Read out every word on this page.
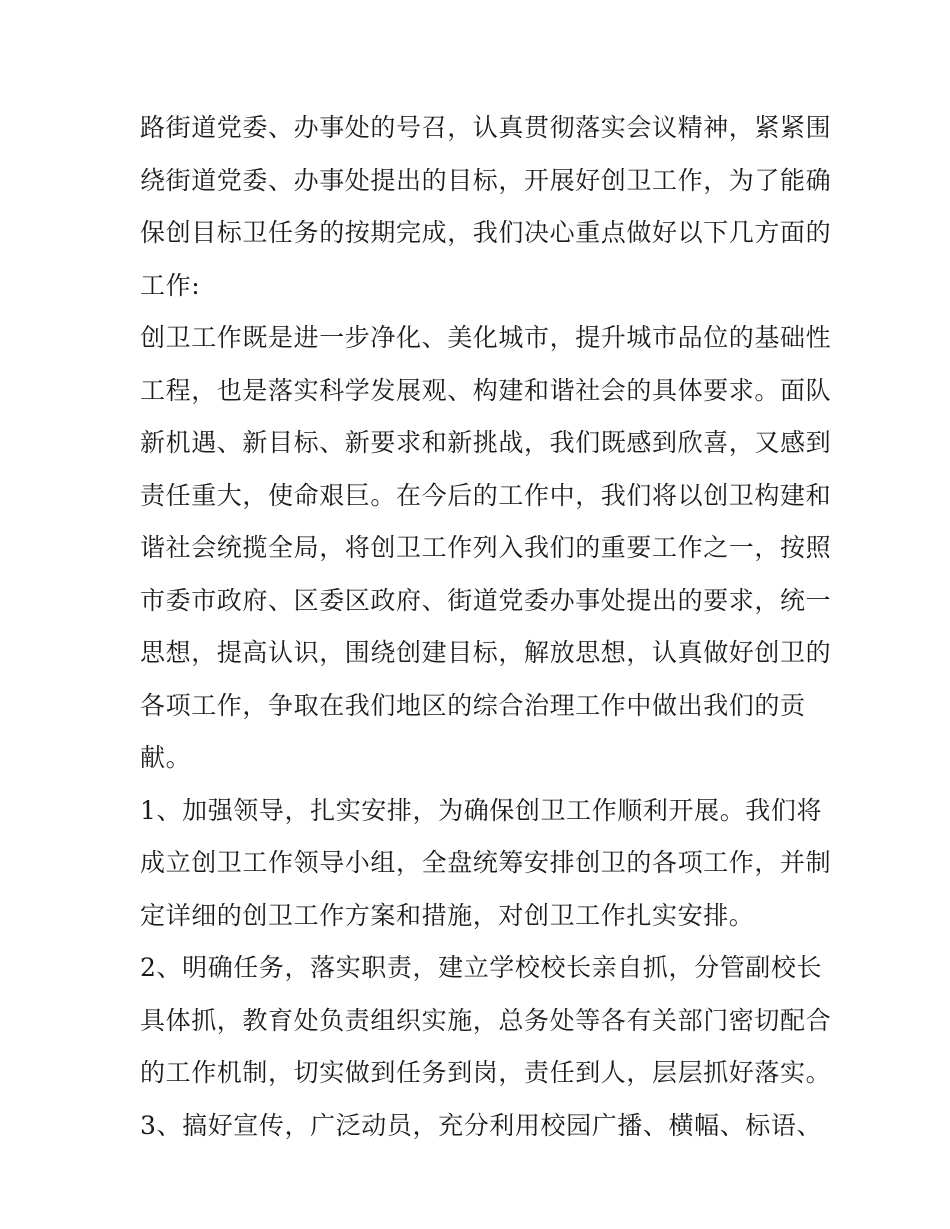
路街道党委、办事处的号召，认真贯彻落实会议精神，紧紧围
绕街道党委、办事处提出的目标，开展好创卫工作，为了能确
保创目标卫任务的按期完成，我们决心重点做好以下几方面的
工作:
创卫工作既是进一步净化、美化城市，提升城市品位的基础性
工程，也是落实科学发展观、构建和谐社会的具体要求。面队
新机遇、新目标、新要求和新挑战，我们既感到欣喜，又感到
责任重大，使命艰巨。在今后的工作中，我们将以创卫构建和
谐社会统揽全局，将创卫工作列入我们的重要工作之一，按照
市委市政府、区委区政府、街道党委办事处提出的要求，统一
思想，提高认识，围绕创建目标，解放思想，认真做好创卫的
各项工作，争取在我们地区的综合治理工作中做出我们的贡
献。
1、加强领导，扎实安排，为确保创卫工作顺利开展。我们将
成立创卫工作领导小组，全盘统筹安排创卫的各项工作，并制
定详细的创卫工作方案和措施，对创卫工作扎实安排。
2、明确任务，落实职责，建立学校校长亲自抓，分管副校长
具体抓，教育处负责组织实施，总务处等各有关部门密切配合
的工作机制，切实做到任务到岗，责任到人，层层抓好落实。
3、搞好宣传，广泛动员，充分利用校园广播、横幅、标语、
